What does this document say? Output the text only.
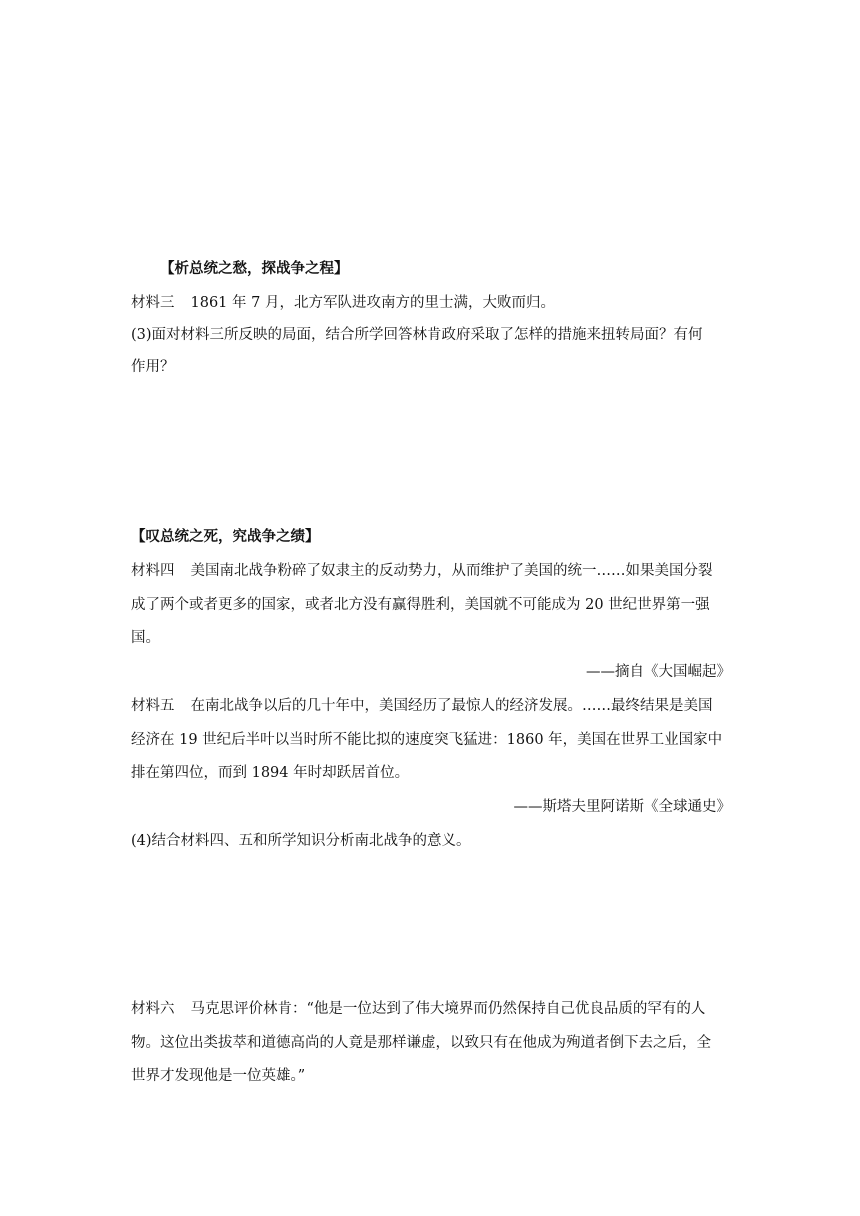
【析总统之愁，探战争之程】
材料三 1861 年 7 月，北方军队进攻南方的里士满，大败而归。
(3)面对材料三所反映的局面，结合所学回答林肯政府采取了怎样的措施来扭转局面？有何
作用？
【叹总统之死，究战争之绩】
材料四 美国南北战争粉碎了奴隶主的反动势力，从而维护了美国的统一……如果美国分裂
成了两个或者更多的国家，或者北方没有赢得胜利，美国就不可能成为 20 世纪世界第一强
国。
——摘自《大国崛起》
材料五 在南北战争以后的几十年中，美国经历了最惊人的经济发展。……最终结果是美国
经济在 19 世纪后半叶以当时所不能比拟的速度突飞猛进：1860 年，美国在世界工业国家中
排在第四位，而到 1894 年时却跃居首位。
——斯塔夫里阿诺斯《全球通史》
(4)结合材料四、五和所学知识分析南北战争的意义。
材料六 马克思评价林肯：“他是一位达到了伟大境界而仍然保持自己优良品质的罕有的人
物。这位出类拔萃和道德高尚的人竟是那样谦虚，以致只有在他成为殉道者倒下去之后，全
世界才发现他是一位英雄。”
